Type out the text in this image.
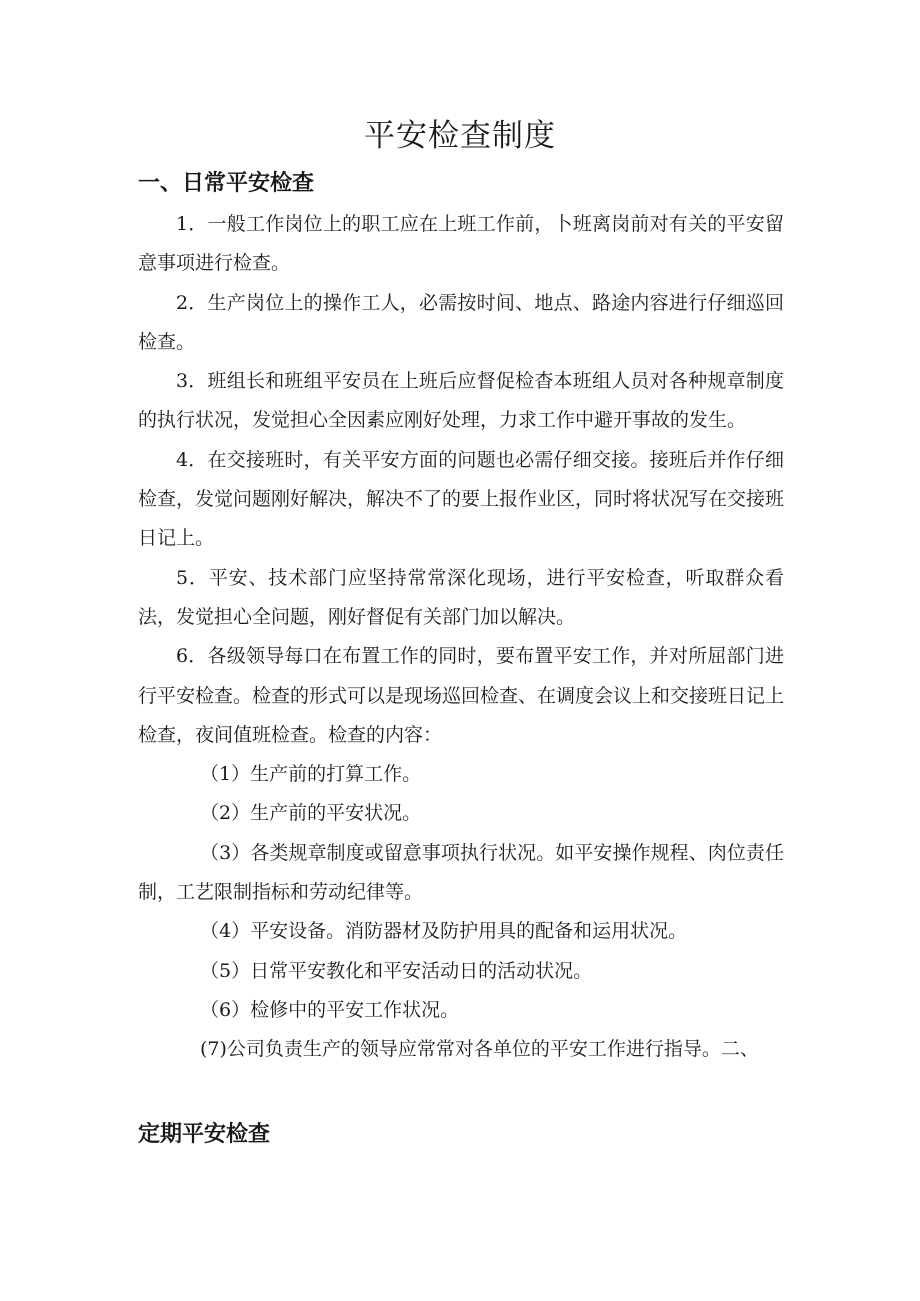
平安检查制度
一、日常平安检查

1．一般工作岗位上的职工应在上班工作前，卜班离岗前对有关的平安留意事项进行检查。

2．生产岗位上的操作工人，必需按时间、地点、路途内容进行仔细巡回检查。

3．班组长和班组平安员在上班后应督促检杳本班组人员对各种规章制度的执行状况，发觉担心全因素应刚好处理，力求工作中避开事故的发生。

4．在交接班时，有关平安方面的问题也必需仔细交接。接班后并作仔细检查，发觉问题刚好解决，解决不了的要上报作业区，同时将状况写在交接班日记上。

5．平安、技术部门应坚持常常深化现场，进行平安检查，听取群众看法，发觉担心全问题，刚好督促有关部门加以解决。

6．各级领导每口在布置工作的同时，要布置平安工作，并对所屈部门进行平安检查。检查的形式可以是现场巡回检查、在调度会议上和交接班日记上检查，夜间值班检查。检查的内容：

（1）生产前的打算工作。

（2）生产前的平安状况。

（3）各类规章制度或留意事项执行状况。如平安操作规程、肉位责任制，工艺限制指标和劳动纪律等。

（4）平安设备。消防器材及防护用具的配备和运用状况。

（5）日常平安教化和平安活动日的活动状况。

（6）检修中的平安工作状况。

(7)公司负责生产的领导应常常对各单位的平安工作进行指导。二、

定期平安检查
